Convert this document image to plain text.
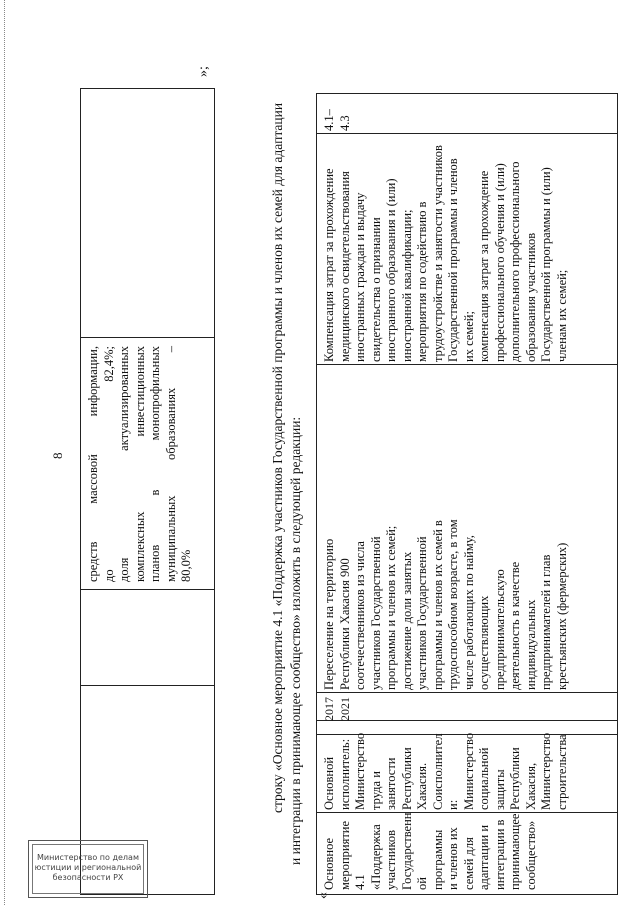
8
средств массовой информации,
до 82,4%;
доля актуализированных
комплексных инвестиционных
планов в монопрофильных
муниципальных образованиях –
80,0%
»;
строку «Основное мероприятие 4.1 «Поддержка участников Государственной программы и членов их семей для адаптации и интеграции в принимающее сообщество» изложить в следующей редакции:
«
Основное
мероприятие
4.1
«Поддержка
участников
Государственн
ой программы
и членов их
семей для
адаптации и
интеграции в
принимающее
сообщество»
Основной
исполнитель:
Министерство
труда и
занятости
Республики
Хакасия.
Соисполнител
и:
Министерство
социальной
защиты
Республики
Хакасия,
Министерство
строительства
2017 2021
Переселение на территорию
Республики Хакасия 900
соотечественников из числа
участников Государственной
программы и членов их семей;
достижение доли занятых
участников Государственной
программы и членов их семей в
трудоспособном возрасте, в том
числе работающих по найму,
осуществляющих
предпринимательскую
деятельность в качестве
индивидуальных
предпринимателей и глав
крестьянских (фермерских)
Компенсация затрат за прохождение
медицинского освидетельствования
иностранных граждан и выдачу
свидетельства о признании
иностранного образования и (или)
иностранной квалификации;
мероприятия по содействию в
трудоустройстве и занятости участников
Государственной программы и членов
их семей;
компенсация затрат за прохождение
профессионального обучения и (или)
дополнительного профессионального
образования участников
Государственной программы и (или)
членам их семей;
4.1–
4.3
Министерство по делам
юстиции и региональной
безопасности РХ
